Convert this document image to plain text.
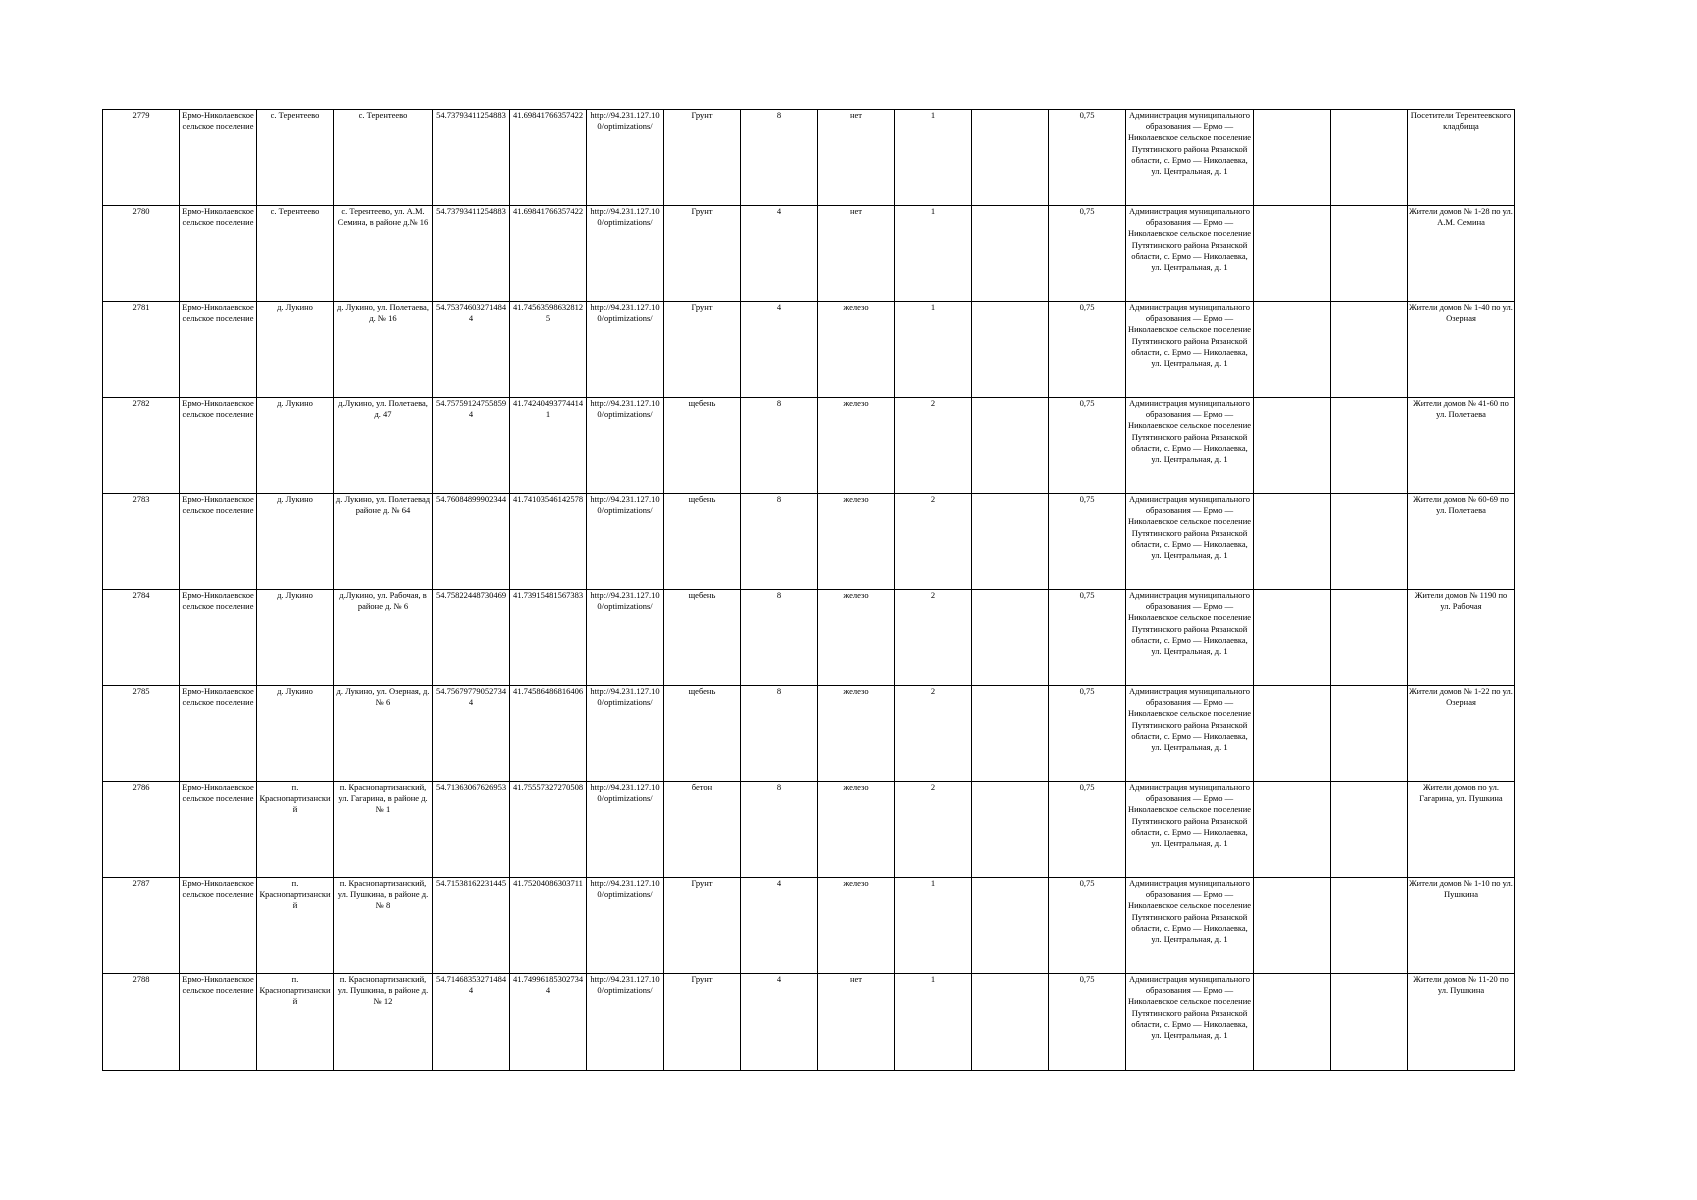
2779	Ермо-Николаевское сельское поселение	с. Терентеево	с. Терентеево	54.73793411254883	41.69841766357422	http://94.231.127.100/optimizations/	Грунт	8	нет	1		0,75	Администрация муниципального образования — Ермо — Николаевское сельское поселение Путятинского района Рязанской области, с. Ермо — Николаевка, ул. Центральная, д. 1			Посетители Терентеевского кладбища
2780	Ермо-Николаевское сельское поселение	с. Терентеево	с. Терентеево, ул. А.М. Семина, в районе д.№ 16	54.73793411254883	41.69841766357422	http://94.231.127.100/optimizations/	Грунт	4	нет	1		0,75	Администрация муниципального образования — Ермо — Николаевское сельское поселение Путятинского района Рязанской области, с. Ермо — Николаевка, ул. Центральная, д. 1			Жители домов № 1-28 по ул. А.М. Семина
2781	Ермо-Николаевское сельское поселение	д. Лукино	д. Лукино, ул. Полетаева, д. № 16	54.753746032714844	41.745635986328125	http://94.231.127.100/optimizations/	Грунт	4	железо	1		0,75	Администрация муниципального образования — Ермо — Николаевское сельское поселение Путятинского района Рязанской области, с. Ермо — Николаевка, ул. Центральная, д. 1			Жители домов № 1-40 по ул. Озерная
2782	Ермо-Николаевское сельское поселение	д. Лукино	д.Лукино, ул. Полетаева, д. 47	54.757591247558594	41.742404937744141	http://94.231.127.100/optimizations/	щебень	8	железо	2		0,75	Администрация муниципального образования — Ермо — Николаевское сельское поселение Путятинского района Рязанской области, с. Ермо — Николаевка, ул. Центральная, д. 1			Жители домов № 41-60 по ул. Полетаева
2783	Ермо-Николаевское сельское поселение	д. Лукино	д. Лукино, ул. Полетаевад районе д. № 64	54.76084899902344	41.74103546142578	http://94.231.127.100/optimizations/	щебень	8	железо	2		0,75	Администрация муниципального образования — Ермо — Николаевское сельское поселение Путятинского района Рязанской области, с. Ермо — Николаевка, ул. Центральная, д. 1			Жители домов № 60-69 по ул. Полетаева
2784	Ермо-Николаевское сельское поселение	д. Лукино	д.Лукино, ул. Рабочая, в районе д. № 6	54.75822448730469	41.73915481567383	http://94.231.127.100/optimizations/	щебень	8	железо	2		0,75	Администрация муниципального образования — Ермо — Николаевское сельское поселение Путятинского района Рязанской области, с. Ермо — Николаевка, ул. Центральная, д. 1			Жители домов № 1190 по ул. Рабочая
2785	Ермо-Николаевское сельское поселение	д. Лукино	д. Лукино, ул. Озерная, д. № 6	54.756797790527344	41.74586486816406	http://94.231.127.100/optimizations/	щебень	8	железо	2		0,75	Администрация муниципального образования — Ермо — Николаевское сельское поселение Путятинского района Рязанской области, с. Ермо — Николаевка, ул. Центральная, д. 1			Жители домов № 1-22 по ул. Озерная
2786	Ермо-Николаевское сельское поселение	п. Краснопартизанский	п. Краснопартизанский, ул. Гагарина, в районе д. № 1	54.71363067626953	41.75557327270508	http://94.231.127.100/optimizations/	бетон	8	железо	2		0,75	Администрация муниципального образования — Ермо — Николаевское сельское поселение Путятинского района Рязанской области, с. Ермо — Николаевка, ул. Центральная, д. 1			Жители домов по ул. Гагарина, ул. Пушкина
2787	Ермо-Николаевское сельское поселение	п. Краснопартизанский	п. Краснопартизанский, ул. Пушкина, в районе д. № 8	54.71538162231445	41.75204086303711	http://94.231.127.100/optimizations/	Грунт	4	железо	1		0,75	Администрация муниципального образования — Ермо — Николаевское сельское поселение Путятинского района Рязанской области, с. Ермо — Николаевка, ул. Центральная, д. 1			Жители домов № 1-10 по ул. Пушкина
2788	Ермо-Николаевское сельское поселение	п. Краснопартизанский	п. Краснопартизанский, ул. Пушкина, в районе д. № 12	54.714683532714844	41.749961853027344	http://94.231.127.100/optimizations/	Грунт	4	нет	1		0,75	Администрация муниципального образования — Ермо — Николаевское сельское поселение Путятинского района Рязанской области, с. Ермо — Николаевка, ул. Центральная, д. 1			Жители домов № 11-20 по ул. Пушкина
